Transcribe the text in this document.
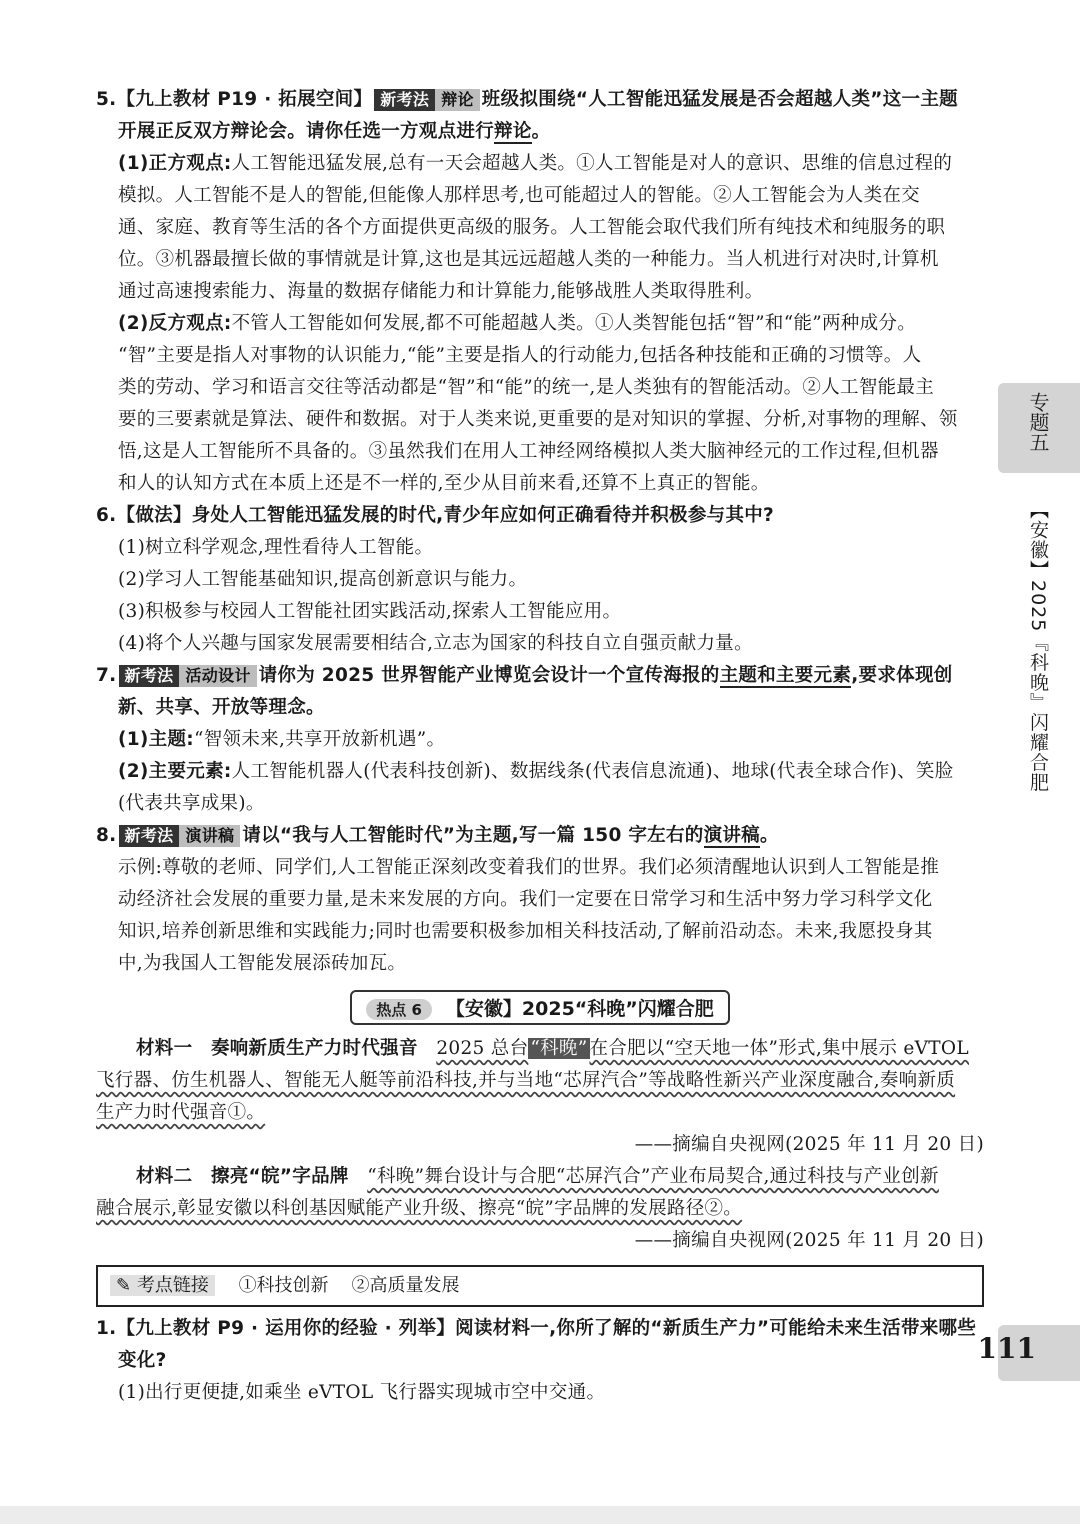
5.【九上教材 P19 · 拓展空间】 新考法 辩论 班级拟围绕“人工智能迅猛发展是否会超越人类”这一主题
开展正反双方辩论会。请你任选一方观点进行辩论。
(1)正方观点:人工智能迅猛发展,总有一天会超越人类。①人工智能是对人的意识、思维的信息过程的
模拟。人工智能不是人的智能,但能像人那样思考,也可能超过人的智能。②人工智能会为人类在交
通、家庭、教育等生活的各个方面提供更高级的服务。人工智能会取代我们所有纯技术和纯服务的职
位。③机器最擅长做的事情就是计算,这也是其远远超越人类的一种能力。当人机进行对决时,计算机
通过高速搜索能力、海量的数据存储能力和计算能力,能够战胜人类取得胜利。
(2)反方观点:不管人工智能如何发展,都不可能超越人类。①人类智能包括“智”和“能”两种成分。
“智”主要是指人对事物的认识能力,“能”主要是指人的行动能力,包括各种技能和正确的习惯等。人
类的劳动、学习和语言交往等活动都是“智”和“能”的统一,是人类独有的智能活动。②人工智能最主
要的三要素就是算法、硬件和数据。对于人类来说,更重要的是对知识的掌握、分析,对事物的理解、领
悟,这是人工智能所不具备的。③虽然我们在用人工神经网络模拟人类大脑神经元的工作过程,但机器
和人的认知方式在本质上还是不一样的,至少从目前来看,还算不上真正的智能。
6.【做法】身处人工智能迅猛发展的时代,青少年应如何正确看待并积极参与其中?
(1)树立科学观念,理性看待人工智能。
(2)学习人工智能基础知识,提高创新意识与能力。
(3)积极参与校园人工智能社团实践活动,探索人工智能应用。
(4)将个人兴趣与国家发展需要相结合,立志为国家的科技自立自强贡献力量。
7. 新考法 活动设计 请你为 2025 世界智能产业博览会设计一个宣传海报的主题和主要元素,要求体现创
新、共享、开放等理念。
(1)主题:“智领未来,共享开放新机遇”。
(2)主要元素:人工智能机器人(代表科技创新)、数据线条(代表信息流通)、地球(代表全球合作)、笑脸
(代表共享成果)。
8. 新考法 演讲稿 请以“我与人工智能时代”为主题,写一篇 150 字左右的演讲稿。
示例:尊敬的老师、同学们,人工智能正深刻改变着我们的世界。我们必须清醒地认识到人工智能是推
动经济社会发展的重要力量,是未来发展的方向。我们一定要在日常学习和生活中努力学习科学文化
知识,培养创新思维和实践能力;同时也需要积极参加相关科技活动,了解前沿动态。未来,我愿投身其
中,为我国人工智能发展添砖加瓦。
热点 6 【安徽】2025“科晚”闪耀合肥
材料一 奏响新质生产力时代强音 2025 总台 “科晚” 在合肥以“空天地一体”形式,集中展示 eVTOL
飞行器、仿生机器人、智能无人艇等前沿科技,并与当地“芯屏汽合”等战略性新兴产业深度融合,奏响新质
生产力时代强音①。
——摘编自央视网(2025 年 11 月 20 日)
材料二 擦亮“皖”字品牌 “科晚”舞台设计与合肥“芯屏汽合”产业布局契合,通过科技与产业创新
融合展示,彰显安徽以科创基因赋能产业升级、擦亮“皖”字品牌的发展路径②。
——摘编自央视网(2025 年 11 月 20 日)
✎ 考点链接 ①科技创新 ②高质量发展
1.【九上教材 P9 · 运用你的经验 · 列举】阅读材料一,你所了解的“新质生产力”可能给未来生活带来哪些
变化?
(1)出行更便捷,如乘坐 eVTOL 飞行器实现城市空中交通。
专题五
【安徽】2025『科晚』闪耀合肥
111
